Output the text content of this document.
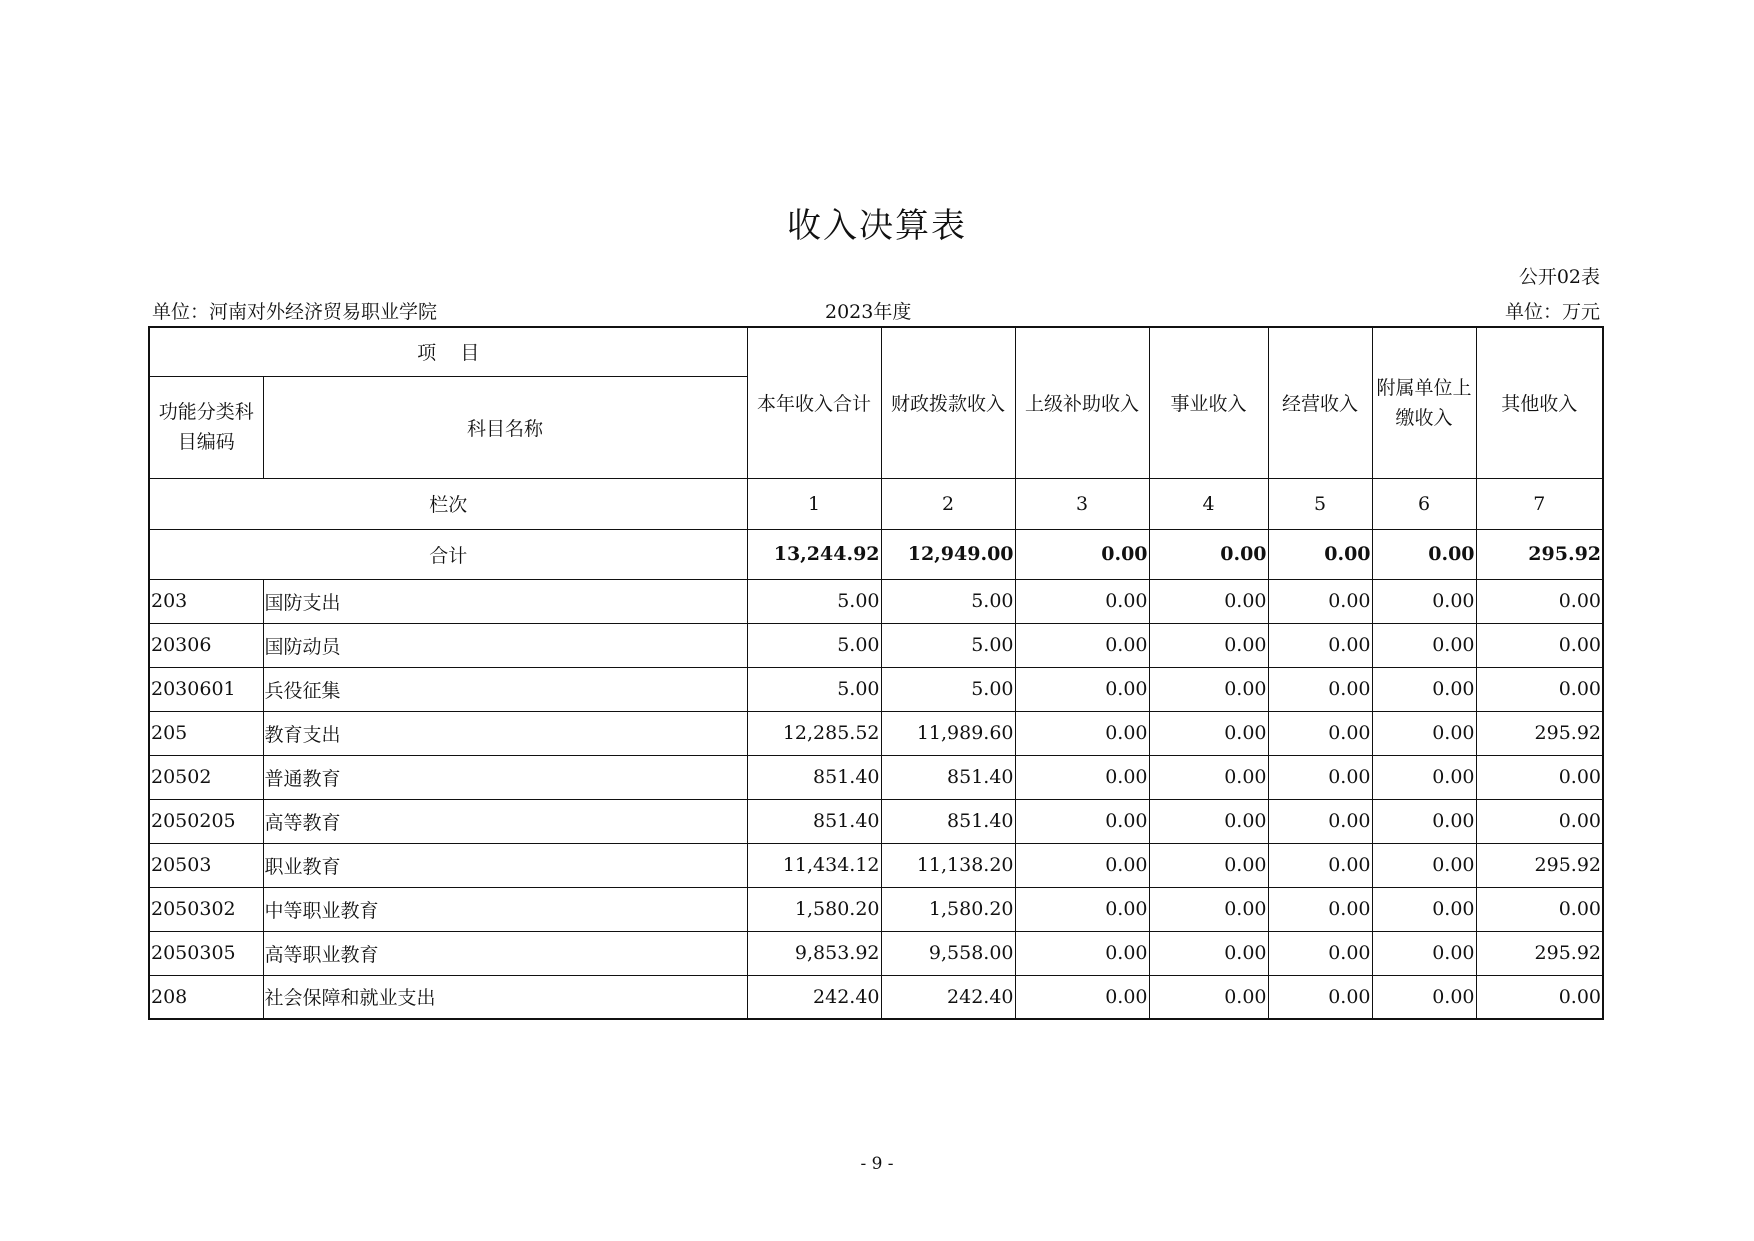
收入决算表
公开02表
单位：河南对外经济贸易职业学院	2023年度	单位：万元
项    目		本年收入合计	财政拨款收入	上级补助收入	事业收入	经营收入	附属单位上缴收入	其他收入
功能分类科目编码	科目名称							
栏次		1	2	3	4	5	6	7
合计		13,244.92	12,949.00	0.00	0.00	0.00	0.00	295.92
203	国防支出	5.00	5.00	0.00	0.00	0.00	0.00	0.00
20306	国防动员	5.00	5.00	0.00	0.00	0.00	0.00	0.00
2030601	兵役征集	5.00	5.00	0.00	0.00	0.00	0.00	0.00
205	教育支出	12,285.52	11,989.60	0.00	0.00	0.00	0.00	295.92
20502	普通教育	851.40	851.40	0.00	0.00	0.00	0.00	0.00
2050205	高等教育	851.40	851.40	0.00	0.00	0.00	0.00	0.00
20503	职业教育	11,434.12	11,138.20	0.00	0.00	0.00	0.00	295.92
2050302	中等职业教育	1,580.20	1,580.20	0.00	0.00	0.00	0.00	0.00
2050305	高等职业教育	9,853.92	9,558.00	0.00	0.00	0.00	0.00	295.92
208	社会保障和就业支出	242.40	242.40	0.00	0.00	0.00	0.00	0.00
- 9 -
